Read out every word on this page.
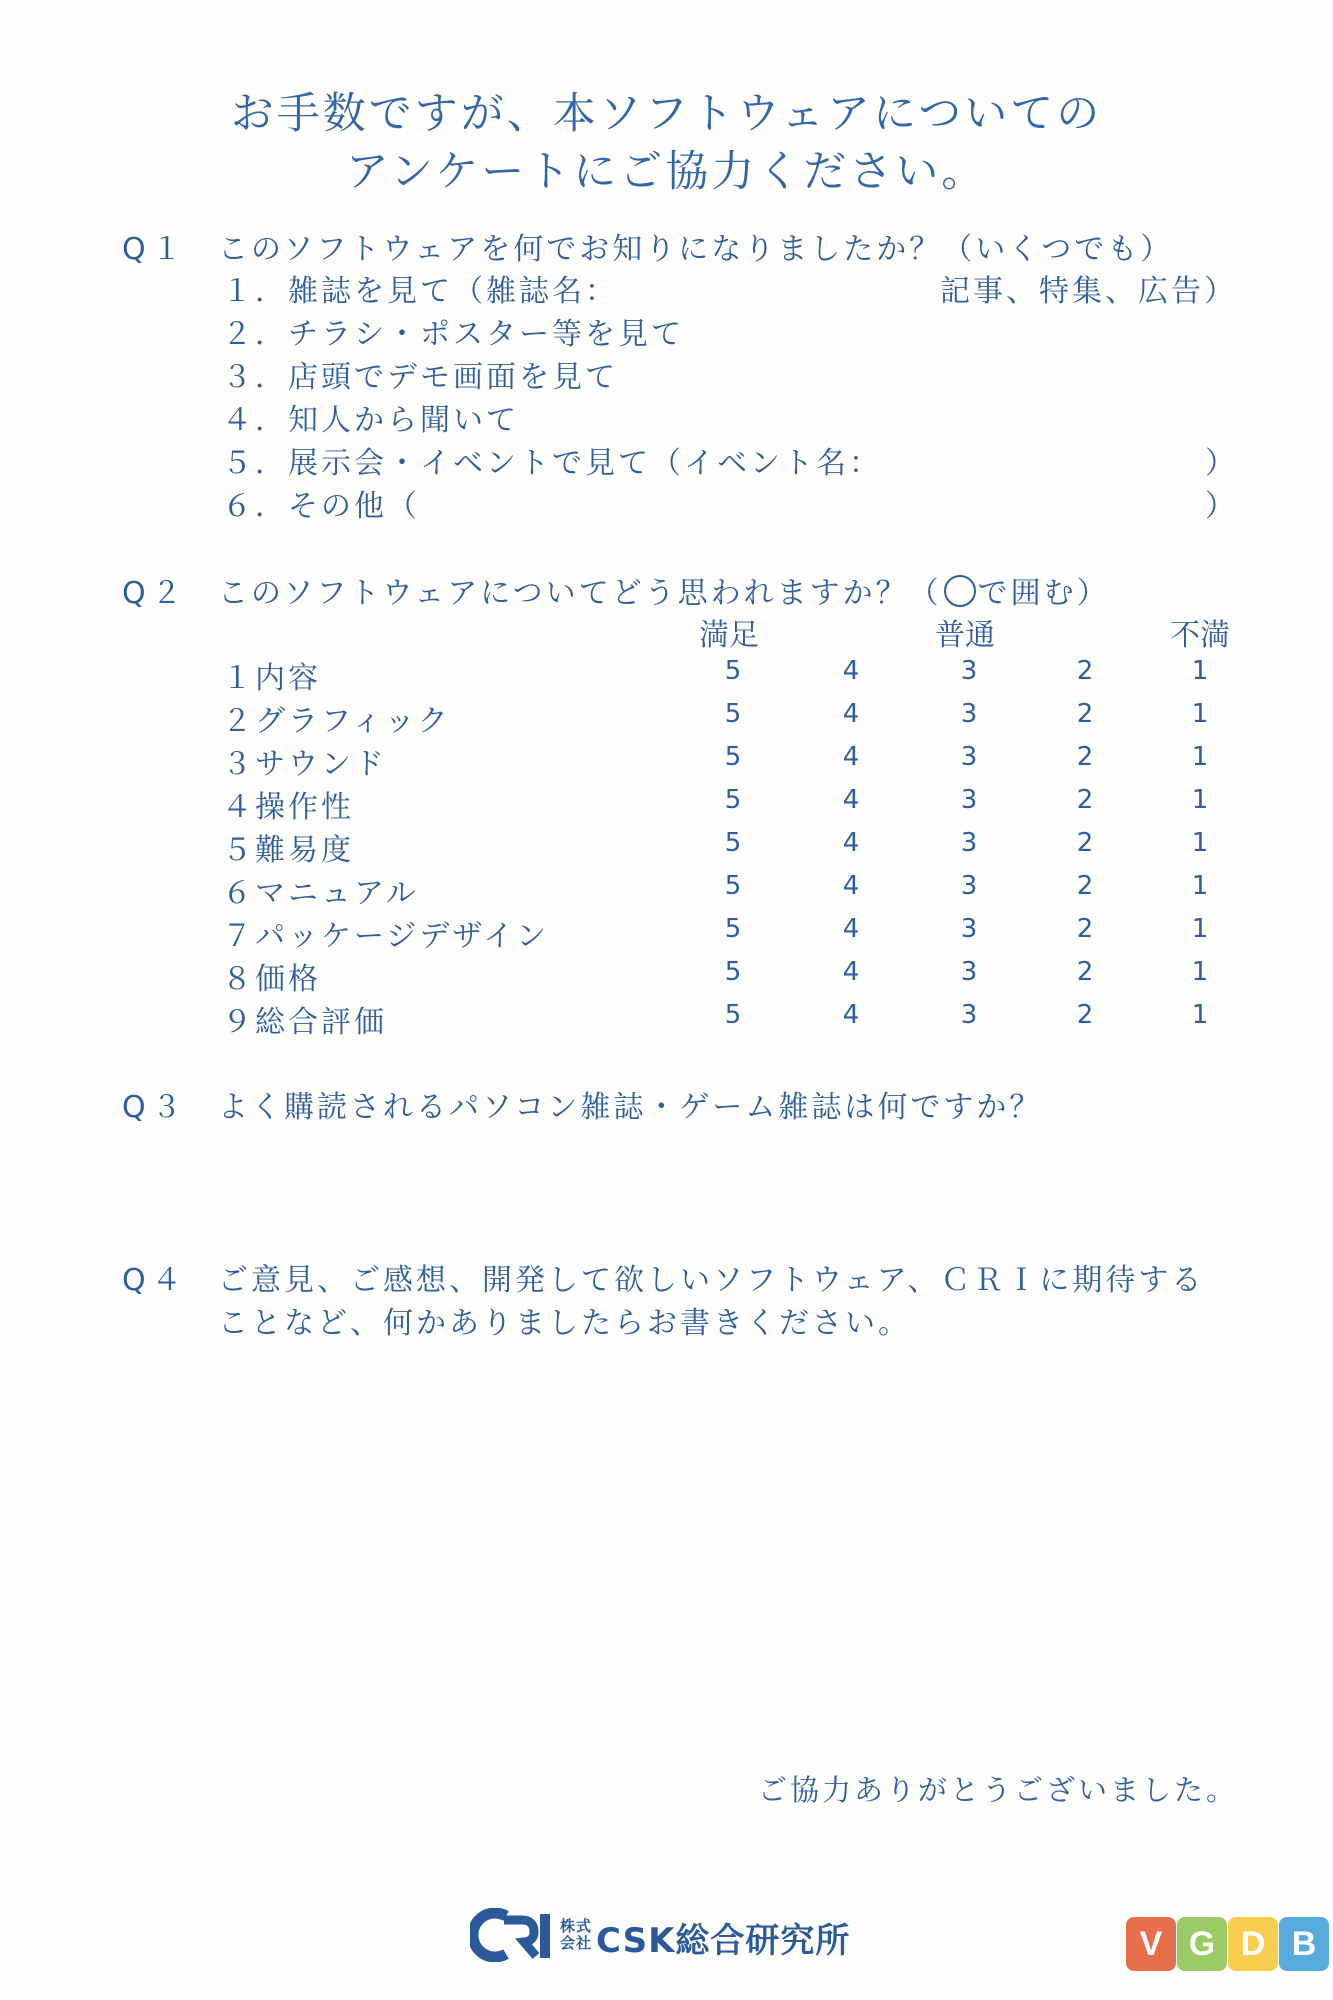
お手数ですが、本ソフトウェアについての
アンケートにご協力ください。
Q１ このソフトウェアを何でお知りになりましたか？（いくつでも）
１．雑誌を見て（雑誌名：	記事、特集、広告）
２．チラシ・ポスター等を見て
３．店頭でデモ画面を見て
４．知人から聞いて
５．展示会・イベントで見て（イベント名：	）
６．その他（	）
Q２ このソフトウェアについてどう思われますか？（ で囲む）
満足	普通	不満
１内容	5	4	3	2	1
２グラフィック	5	4	3	2	1
３サウンド	5	4	3	2	1
４操作性	5	4	3	2	1
５難易度	5	4	3	2	1
６マニュアル	5	4	3	2	1
７パッケージデザイン	5	4	3	2	1
８価格	5	4	3	2	1
９総合評価	5	4	3	2	1
Q３ よく購読されるパソコン雑誌・ゲーム雑誌は何ですか？
Q４ ご意見、ご感想、開発して欲しいソフトウェア、ＣＲＩに期待する
ことなど、何かありましたらお書きください。
ご協力ありがとうございました。
株式
会社 CSK総合研究所	V G D B
